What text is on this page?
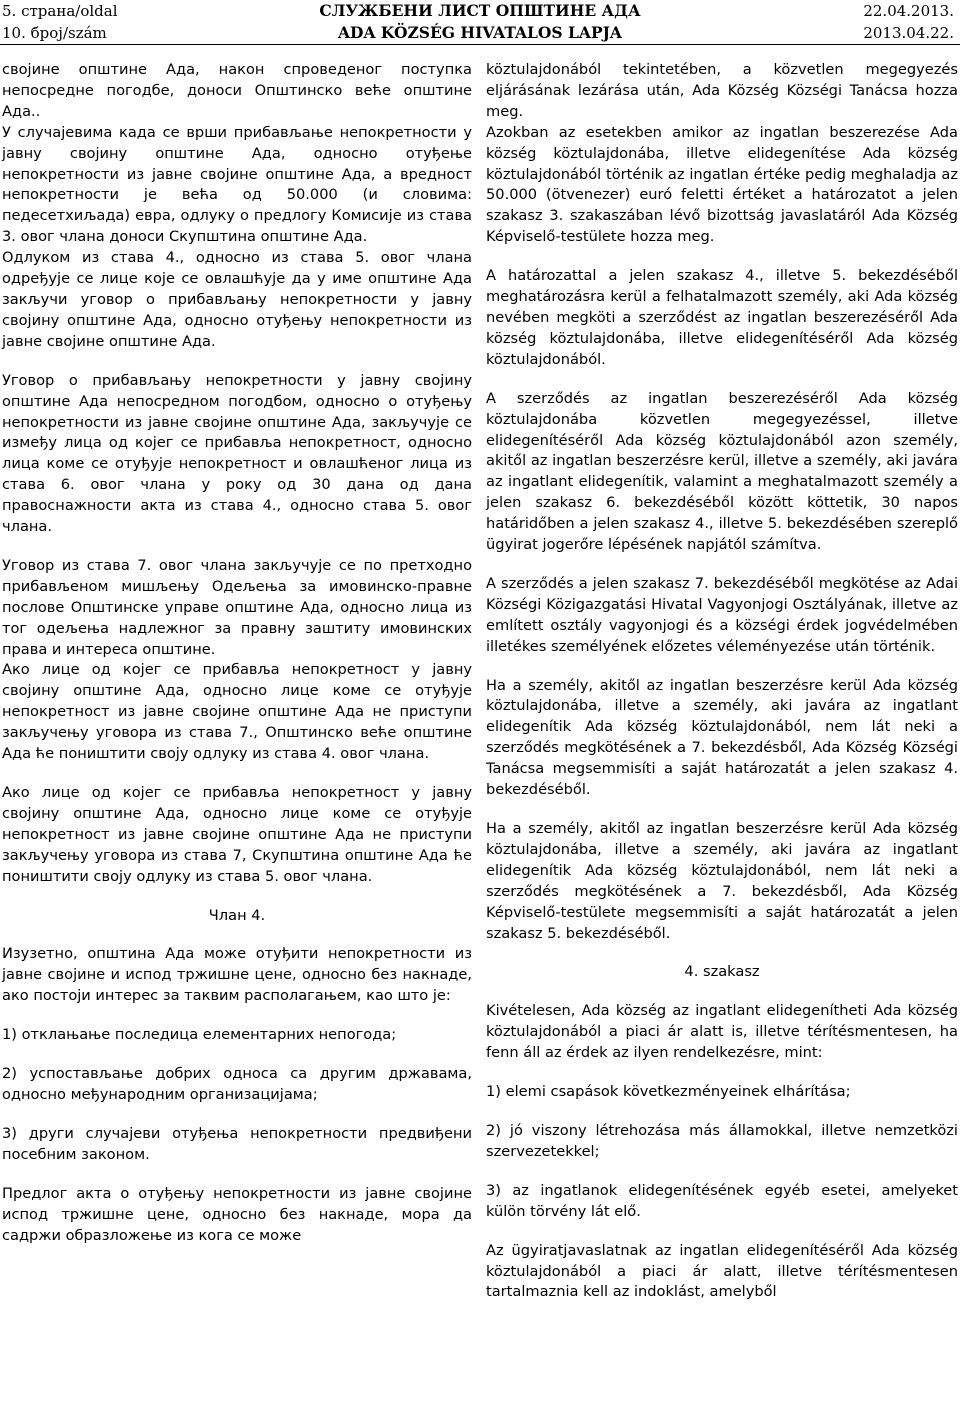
5. страна/oldal
10. број/szám
СЛУЖБЕНИ ЛИСТ ОПШТИНЕ АДА
ADA KÖZSÉG HIVATALOS LAPJA
22.04.2013.
2013.04.22.

својине општине Ада, након спроведеног поступка непосредне погодбе, доноси Општинско веће општине Ада..

У случајевима када се врши прибављање непокретности у јавну својину општине Ада, односно отуђење непокретности из јавне својине општине Ада, а вредност непокретности је већа од 50.000 (и словима: педесетхиљада) евра, одлуку о предлогу Комисије из става 3. овог члана доноси Скупштина општине Ада.

Одлуком из става 4., односно из става 5. овог члана одређује се лице које се овлашћује да у име општине Ада закључи уговор о прибављању непокретности у јавну својину општине Ада, односно отуђењу непокретности из јавне својине општине Ада.

Уговор о прибављању непокретности у јавну својину општине Ада непосредном погодбом, односно о отуђењу непокретности из јавне својине општине Ада, закључује се између лица од којег се прибавља непокретност, односно лица коме се отуђује непокретност и овлашћеног лица из става 6. овог члана у року од 30 дана од дана правоснажности акта из става 4., односно става 5. овог члана.

Уговор из става 7. овог члана закључује се по претходно прибављеном мишљењу Одељења за имовинско-правне послове Општинске управе општине Ада, односно лица из тог одељења надлежног за правну заштиту имовинских права и интереса општине.

Ако лице од којег се прибавља непокретност у јавну својину општине Ада, односно лице коме се отуђује непокретност из јавне својине општине Ада не приступи закључењу уговора из става 7., Општинско веће општине Ада ће поништити своју одлуку из става 4. овог члана.

Ако лице од којег се прибавља непокретност у јавну својину општине Ада, односно лице коме се отуђује непокретност из јавне својине општине Ада не приступи закључењу уговора из става 7, Скупштина општине Ада ће поништити своју одлуку из става 5. овог члана.

Члан 4.

Изузетно, општина Ада може отуђити непокретности из јавне својине и испод тржишне цене, односно без накнаде, ако постоји интерес за таквим располагањем, као што је:

1) отклањање последица елементарних непогода;

2) успостављање добрих односа са другим државама, односно међународним организацијама;

3) други случајеви отуђења непокретности предвиђени посебним законом.

Предлог акта о отуђењу непокретности из јавне својине испод тржишне цене, односно без накнаде, мора да садржи образложење из кога се може

köztulajdonából tekintetében, a közvetlen megegyezés eljárásának lezárása után, Ada Község Községi Tanácsa hozza meg.

Azokban az esetekben amikor az ingatlan beszerezése Ada község köztulajdonába, illetve elidegenítése Ada község köztulajdonából történik az ingatlan értéke pedig meghaladja az 50.000 (ötvenezer) euró feletti értéket a határozatot a jelen szakasz 3. szakaszában lévő bizottság javaslatáról Ada Község Képviselő-testülete hozza meg.

A határozattal a jelen szakasz 4., illetve 5. bekezdéséből meghatározásra kerül a felhatalmazott személy, aki Ada község nevében megköti a szerződést az ingatlan beszerezéséről Ada község köztulajdonába, illetve elidegenítéséről Ada község köztulajdonából.

A szerződés az ingatlan beszerezéséről Ada község köztulajdonába közvetlen megegyezéssel, illetve elidegenítéséről Ada község köztulajdonából azon személy, akitől az ingatlan beszerzésre kerül, illetve a személy, aki javára az ingatlant elidegenítik, valamint a meghatalmazott személy a jelen szakasz 6. bekezdéséből között köttetik, 30 napos határidőben a jelen szakasz 4., illetve 5. bekezdésében szereplő ügyirat jogerőre lépésének napjától számítva.

A szerződés a jelen szakasz 7. bekezdéséből megkötése az Adai Községi Közigazgatási Hivatal Vagyonjogi Osztályának, illetve az említett osztály vagyonjogi és a községi érdek jogvédelmében illetékes személyének előzetes véleményezése után történik.

Ha a személy, akitől az ingatlan beszerzésre kerül Ada község köztulajdonába, illetve a személy, aki javára az ingatlant elidegenítik Ada község köztulajdonából, nem lát neki a szerződés megkötésének a 7. bekezdésből, Ada Község Községi Tanácsa megsemmisíti a saját határozatát a jelen szakasz 4. bekezdéséből.

Ha a személy, akitől az ingatlan beszerzésre kerül Ada község köztulajdonába, illetve a személy, aki javára az ingatlant elidegenítik Ada község köztulajdonából, nem lát neki a szerződés megkötésének a 7. bekezdésből, Ada Község Képviselő-testülete megsemmisíti a saját határozatát a jelen szakasz 5. bekezdéséből.

4. szakasz

Kivételesen, Ada község az ingatlant elidegenítheti Ada község köztulajdonából a piaci ár alatt is, illetve térítésmentesen, ha fenn áll az érdek az ilyen rendelkezésre, mint:

1) elemi csapások következményeinek elhárítása;

2) jó viszony létrehozása más államokkal, illetve nemzetközi szervezetekkel;

3) az ingatlanok elidegenítésének egyéb esetei, amelyeket külön törvény lát elő.

Az ügyiratjavaslatnak az ingatlan elidegenítéséről Ada község köztulajdonából a piaci ár alatt, illetve térítésmentesen tartalmaznia kell az indoklást, amelyből
